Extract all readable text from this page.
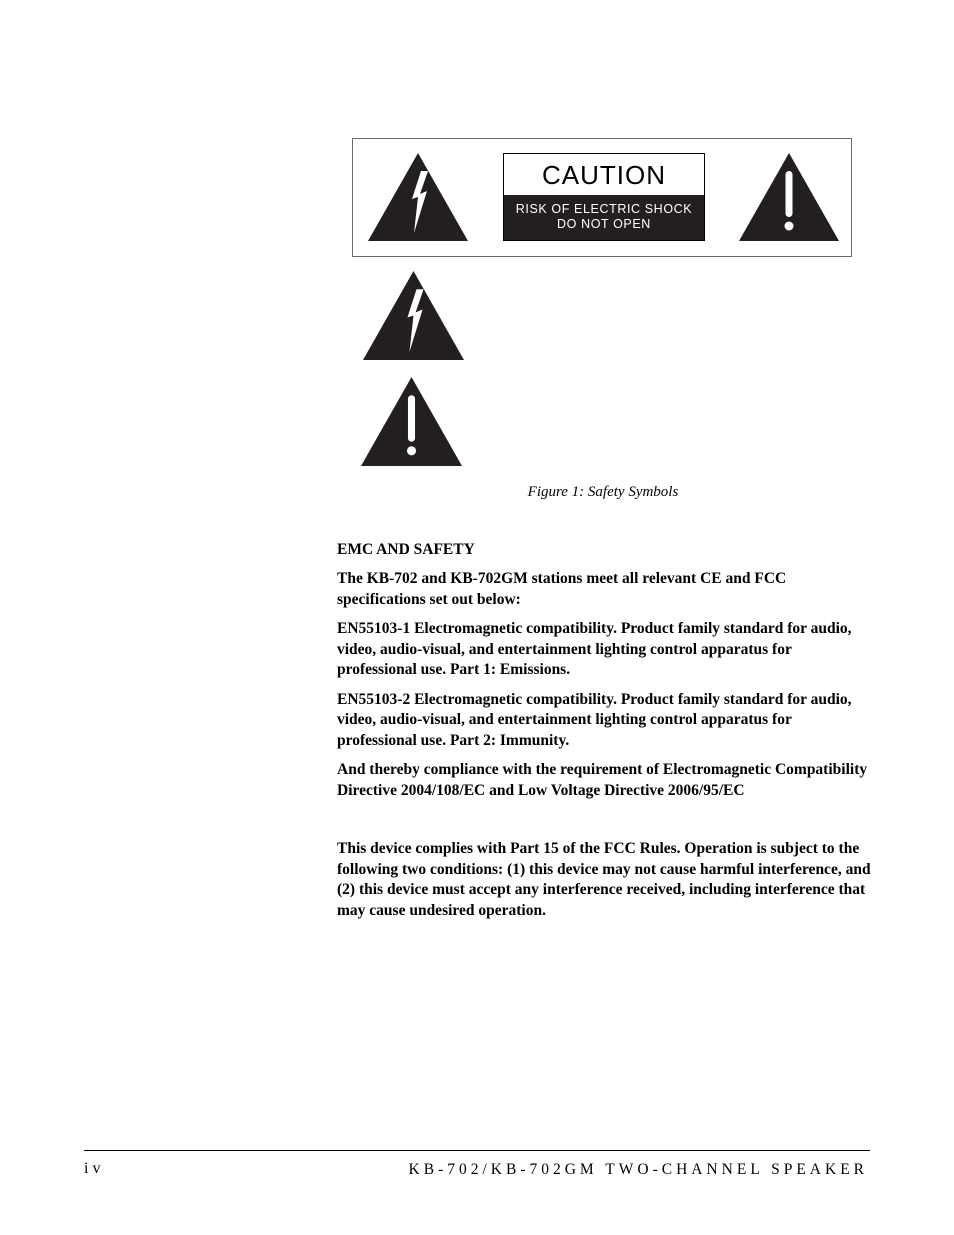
CAUTION
RISK OF ELECTRIC SHOCK
DO NOT OPEN
Figure 1: Safety Symbols
EMC AND SAFETY
The KB-702 and KB-702GM stations meet all relevant CE and FCC specifications set out below:
EN55103-1 Electromagnetic compatibility. Product family standard for audio, video, audio-visual, and entertainment lighting control apparatus for professional use. Part 1: Emissions.
EN55103-2 Electromagnetic compatibility. Product family standard for audio, video, audio-visual, and entertainment lighting control apparatus for professional use. Part 2: Immunity.
And thereby compliance with the requirement of Electromagnetic Compatibility Directive 2004/108/EC and Low Voltage Directive 2006/95/EC
This device complies with Part 15 of the FCC Rules. Operation is subject to the following two conditions: (1) this device may not cause harmful interference, and (2) this device must accept any interference received, including interference that may cause undesired operation.
iv	KB-702/KB-702GM TWO-CHANNEL SPEAKER
